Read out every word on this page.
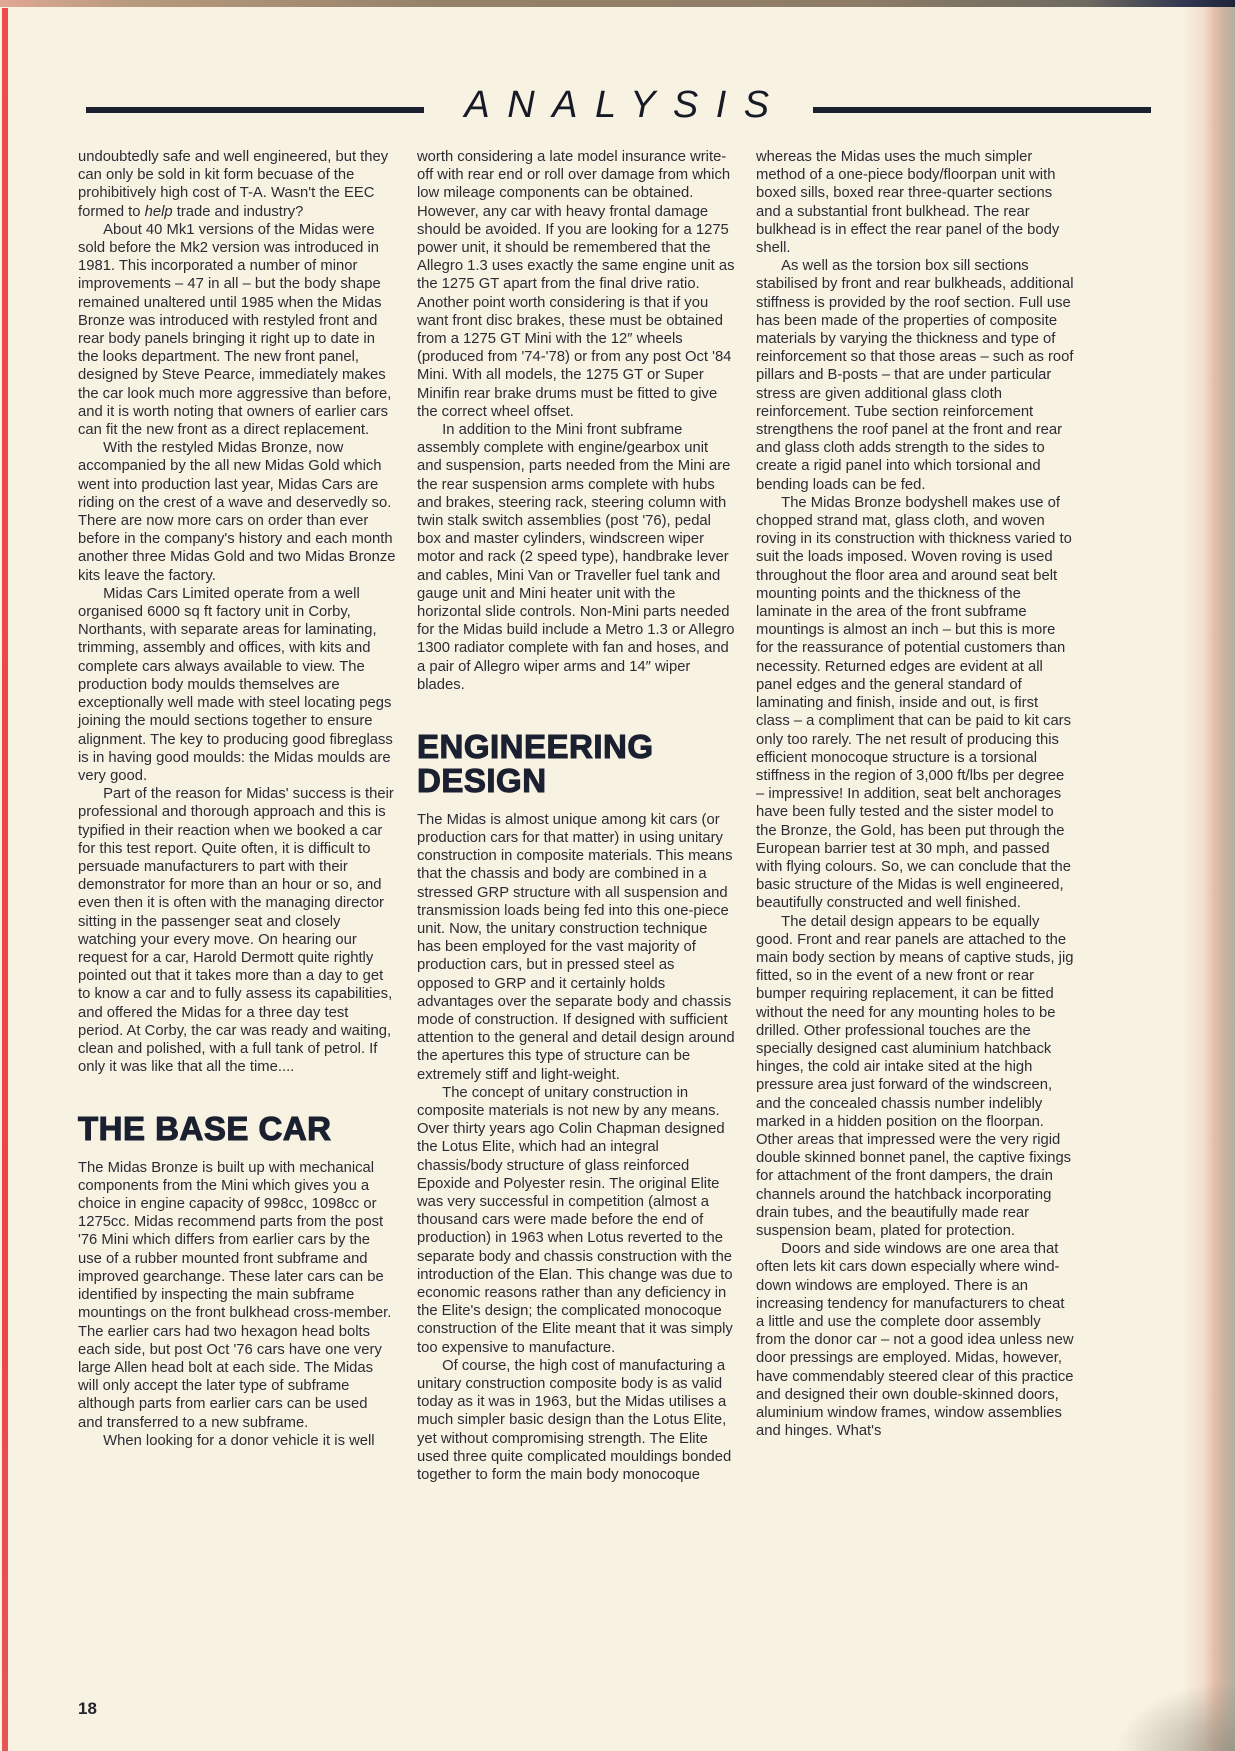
ANALYSIS

undoubtedly safe and well engineered, but they can only be sold in kit form becuase of the prohibitively high cost of T-A. Wasn't the EEC formed to help trade and industry?

About 40 Mk1 versions of the Midas were sold before the Mk2 version was introduced in 1981. This incorporated a number of minor improvements – 47 in all – but the body shape remained unaltered until 1985 when the Midas Bronze was introduced with restyled front and rear body panels bringing it right up to date in the looks department. The new front panel, designed by Steve Pearce, immediately makes the car look much more aggressive than before, and it is worth noting that owners of earlier cars can fit the new front as a direct replacement.

With the restyled Midas Bronze, now accompanied by the all new Midas Gold which went into production last year, Midas Cars are riding on the crest of a wave and deservedly so. There are now more cars on order than ever before in the company's history and each month another three Midas Gold and two Midas Bronze kits leave the factory.

Midas Cars Limited operate from a well organised 6000 sq ft factory unit in Corby, Northants, with separate areas for laminating, trimming, assembly and offices, with kits and complete cars always available to view. The production body moulds themselves are exceptionally well made with steel locating pegs joining the mould sections together to ensure alignment. The key to producing good fibreglass is in having good moulds: the Midas moulds are very good.

Part of the reason for Midas' success is their professional and thorough approach and this is typified in their reaction when we booked a car for this test report. Quite often, it is difficult to persuade manufacturers to part with their demonstrator for more than an hour or so, and even then it is often with the managing director sitting in the passenger seat and closely watching your every move. On hearing our request for a car, Harold Dermott quite rightly pointed out that it takes more than a day to get to know a car and to fully assess its capabilities, and offered the Midas for a three day test period. At Corby, the car was ready and waiting, clean and polished, with a full tank of petrol. If only it was like that all the time....

THE BASE CAR

The Midas Bronze is built up with mechanical components from the Mini which gives you a choice in engine capacity of 998cc, 1098cc or 1275cc. Midas recommend parts from the post '76 Mini which differs from earlier cars by the use of a rubber mounted front subframe and improved gearchange. These later cars can be identified by inspecting the main subframe mountings on the front bulkhead cross-member. The earlier cars had two hexagon head bolts each side, but post Oct '76 cars have one very large Allen head bolt at each side. The Midas will only accept the later type of subframe although parts from earlier cars can be used and transferred to a new subframe.

When looking for a donor vehicle it is well

worth considering a late model insurance write-off with rear end or roll over damage from which low mileage components can be obtained. However, any car with heavy frontal damage should be avoided. If you are looking for a 1275 power unit, it should be remembered that the Allegro 1.3 uses exactly the same engine unit as the 1275 GT apart from the final drive ratio. Another point worth considering is that if you want front disc brakes, these must be obtained from a 1275 GT Mini with the 12″ wheels (produced from '74-'78) or from any post Oct '84 Mini. With all models, the 1275 GT or Super Minifin rear brake drums must be fitted to give the correct wheel offset.

In addition to the Mini front subframe assembly complete with engine/gearbox unit and suspension, parts needed from the Mini are the rear suspension arms complete with hubs and brakes, steering rack, steering column with twin stalk switch assemblies (post '76), pedal box and master cylinders, windscreen wiper motor and rack (2 speed type), handbrake lever and cables, Mini Van or Traveller fuel tank and gauge unit and Mini heater unit with the horizontal slide controls. Non-Mini parts needed for the Midas build include a Metro 1.3 or Allegro 1300 radiator complete with fan and hoses, and a pair of Allegro wiper arms and 14″ wiper blades.

ENGINEERING DESIGN

The Midas is almost unique among kit cars (or production cars for that matter) in using unitary construction in composite materials. This means that the chassis and body are combined in a stressed GRP structure with all suspension and transmission loads being fed into this one-piece unit. Now, the unitary construction technique has been employed for the vast majority of production cars, but in pressed steel as opposed to GRP and it certainly holds advantages over the separate body and chassis mode of construction. If designed with sufficient attention to the general and detail design around the apertures this type of structure can be extremely stiff and light-weight.

The concept of unitary construction in composite materials is not new by any means. Over thirty years ago Colin Chapman designed the Lotus Elite, which had an integral chassis/body structure of glass reinforced Epoxide and Polyester resin. The original Elite was very successful in competition (almost a thousand cars were made before the end of production) in 1963 when Lotus reverted to the separate body and chassis construction with the introduction of the Elan. This change was due to economic reasons rather than any deficiency in the Elite's design; the complicated monocoque construction of the Elite meant that it was simply too expensive to manufacture.

Of course, the high cost of manufacturing a unitary construction composite body is as valid today as it was in 1963, but the Midas utilises a much simpler basic design than the Lotus Elite, yet without compromising strength. The Elite used three quite complicated mouldings bonded together to form the main body monocoque

whereas the Midas uses the much simpler method of a one-piece body/floorpan unit with boxed sills, boxed rear three-quarter sections and a substantial front bulkhead. The rear bulkhead is in effect the rear panel of the body shell.

As well as the torsion box sill sections stabilised by front and rear bulkheads, additional stiffness is provided by the roof section. Full use has been made of the properties of composite materials by varying the thickness and type of reinforcement so that those areas – such as roof pillars and B-posts – that are under particular stress are given additional glass cloth reinforcement. Tube section reinforcement strengthens the roof panel at the front and rear and glass cloth adds strength to the sides to create a rigid panel into which torsional and bending loads can be fed.

The Midas Bronze bodyshell makes use of chopped strand mat, glass cloth, and woven roving in its construction with thickness varied to suit the loads imposed. Woven roving is used throughout the floor area and around seat belt mounting points and the thickness of the laminate in the area of the front subframe mountings is almost an inch – but this is more for the reassurance of potential customers than necessity. Returned edges are evident at all panel edges and the general standard of laminating and finish, inside and out, is first class – a compliment that can be paid to kit cars only too rarely. The net result of producing this efficient monocoque structure is a torsional stiffness in the region of 3,000 ft/lbs per degree – impressive! In addition, seat belt anchorages have been fully tested and the sister model to the Bronze, the Gold, has been put through the European barrier test at 30 mph, and passed with flying colours. So, we can conclude that the basic structure of the Midas is well engineered, beautifully constructed and well finished.

The detail design appears to be equally good. Front and rear panels are attached to the main body section by means of captive studs, jig fitted, so in the event of a new front or rear bumper requiring replacement, it can be fitted without the need for any mounting holes to be drilled. Other professional touches are the specially designed cast aluminium hatchback hinges, the cold air intake sited at the high pressure area just forward of the windscreen, and the concealed chassis number indelibly marked in a hidden position on the floorpan. Other areas that impressed were the very rigid double skinned bonnet panel, the captive fixings for attachment of the front dampers, the drain channels around the hatchback incorporating drain tubes, and the beautifully made rear suspension beam, plated for protection.

Doors and side windows are one area that often lets kit cars down especially where wind-down windows are employed. There is an increasing tendency for manufacturers to cheat a little and use the complete door assembly from the donor car – not a good idea unless new door pressings are employed. Midas, however, have commendably steered clear of this practice and designed their own double-skinned doors, aluminium window frames, window assemblies and hinges. What's

18
